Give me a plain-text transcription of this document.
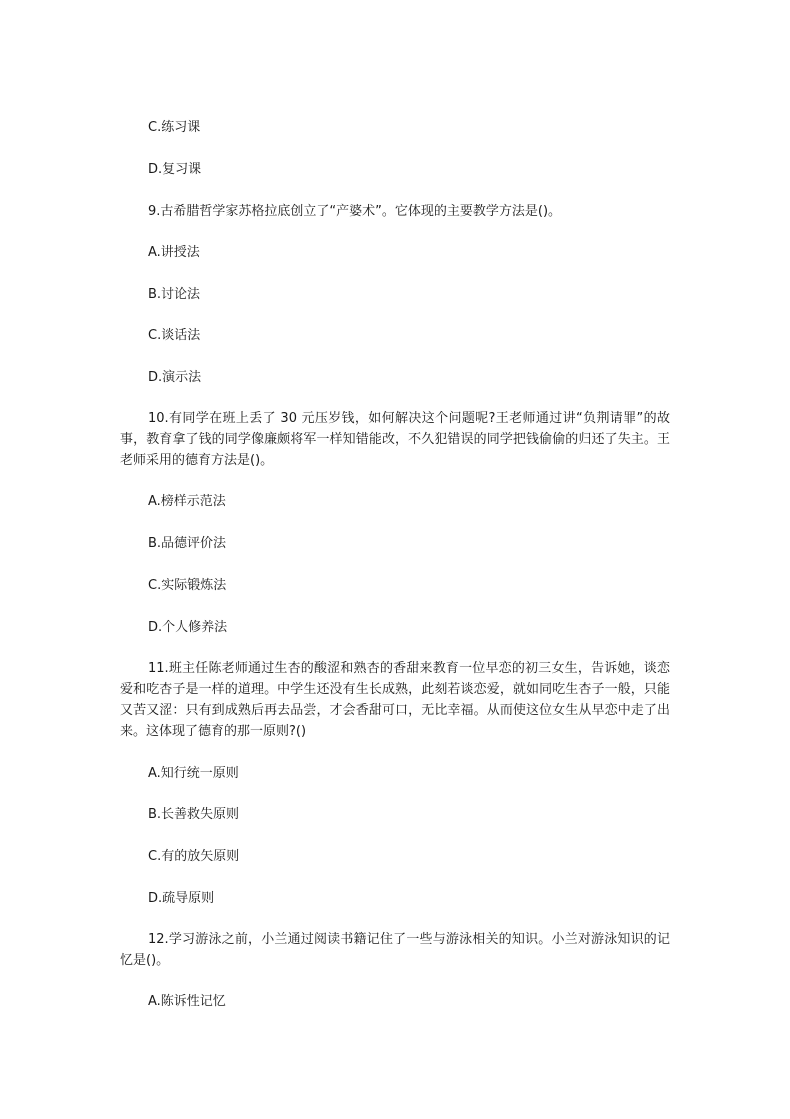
C.练习课

D.复习课

9.古希腊哲学家苏格拉底创立了“产婆术”。它体现的主要教学方法是()。

A.讲授法

B.讨论法

C.谈话法

D.演示法

10.有同学在班上丢了 30 元压岁钱，如何解决这个问题呢?王老师通过讲“负荆请罪”的故事，教育拿了钱的同学像廉颇将军一样知错能改，不久犯错误的同学把钱偷偷的归还了失主。王老师采用的德育方法是()。

A.榜样示范法

B.品德评价法

C.实际锻炼法

D.个人修养法

11.班主任陈老师通过生杏的酸涩和熟杏的香甜来教育一位早恋的初三女生，告诉她，谈恋爱和吃杏子是一样的道理。中学生还没有生长成熟，此刻若谈恋爱，就如同吃生杏子一般，只能又苦又涩：只有到成熟后再去品尝，才会香甜可口，无比幸福。从而使这位女生从早恋中走了出来。这体现了德育的那一原则?()

A.知行统一原则

B.长善救失原则

C.有的放矢原则

D.疏导原则

12.学习游泳之前，小兰通过阅读书籍记住了一些与游泳相关的知识。小兰对游泳知识的记忆是()。

A.陈诉性记忆
